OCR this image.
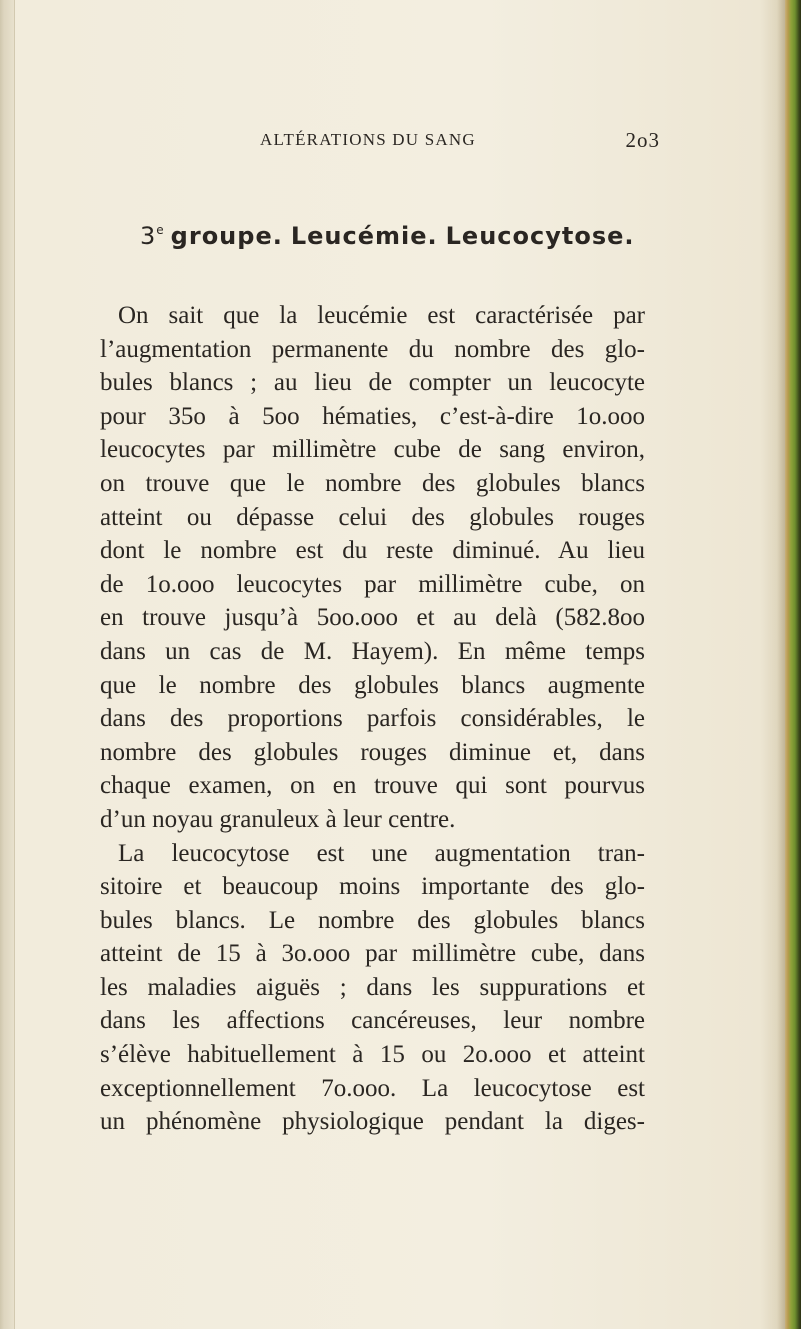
ALTÉRATIONS DU SANG	2o3
3e groupe. Leucémie. Leucocytose.
On sait que la leucémie est caractérisée par
l’augmentation permanente du nombre des glo-
bules blancs ; au lieu de compter un leucocyte
pour 35o à 5oo hématies, c’est-à-dire 1o.ooo
leucocytes par millimètre cube de sang environ,
on trouve que le nombre des globules blancs
atteint ou dépasse celui des globules rouges
dont le nombre est du reste diminué. Au lieu
de 1o.ooo leucocytes par millimètre cube, on
en trouve jusqu’à 5oo.ooo et au delà (582.8oo
dans un cas de M. Hayem). En même temps
que le nombre des globules blancs augmente
dans des proportions parfois considérables, le
nombre des globules rouges diminue et, dans
chaque examen, on en trouve qui sont pourvus
d’un noyau granuleux à leur centre.
La leucocytose est une augmentation tran-
sitoire et beaucoup moins importante des glo-
bules blancs. Le nombre des globules blancs
atteint de 15 à 3o.ooo par millimètre cube, dans
les maladies aiguës ; dans les suppurations et
dans les affections cancéreuses, leur nombre
s’élève habituellement à 15 ou 2o.ooo et atteint
exceptionnellement 7o.ooo. La leucocytose est
un phénomène physiologique pendant la diges-
